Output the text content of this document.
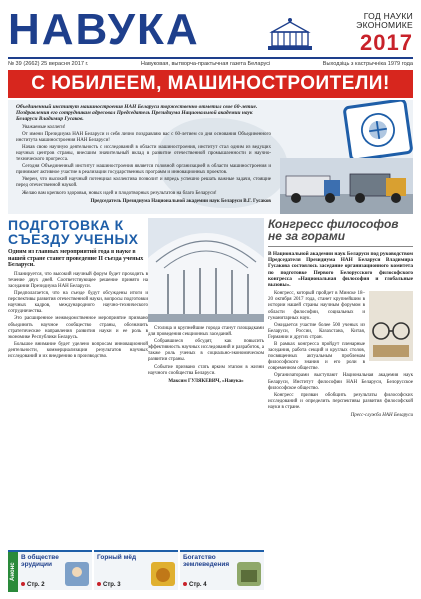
НАВУКА	ГОД НАУКИ ЭКОНОМИКЕ
2017
№ 39 (2662) 25 верасня 2017 г.	Навуковая, вытворча-практычная газета Беларусі	Выходзіць з кастрычніка 1979 года
С ЮБИЛЕЕМ, МАШИНОСТРОИТЕЛИ!
Объединенный институт машиностроения НАН Беларуси торжественно отметил свое 60-летие. Поздравления его сотрудникам адресовал Председатель Президиума Национальной академии наук Беларуси Владимир Гусаков.

Уважаемые коллеги!

От имени Президиума НАН Беларуси и себя лично поздравляю вас с 60-летием со дня основания Объединенного института машиностроения НАН Беларуси!

Начав свою научную деятельность с исследований в области машиностроения, институт стал одним из ведущих научных центров страны, внесшим значительный вклад в развитие отечественной промышленности и научно-технического прогресса.

Сегодня Объединенный институт машиностроения является головной организацией в области машиностроения и принимает активное участие в реализации государственных программ и инновационных проектов.

Уверен, что высокий научный потенциал коллектива позволит и впредь успешно решать важные задачи, стоящие перед отечественной наукой.

Желаю вам крепкого здоровья, новых идей и плодотворных результатов на благо Беларуси!

Председатель Президиума Национальной академии наук Беларуси В.Г. Гусаков
ПОДГОТОВКА К СЪЕЗДУ УЧЕНЫХ
Одним из главных мероприятий года в науке в нашей стране станет проведение II съезда ученых Беларуси.

Планируется, что высокий научный форум будет проходить в течение двух дней. Соответствующее решение принято на заседании Президиума НАН Беларуси.

Предполагается, что на съезде будут обсуждены итоги и перспективы развития отечественной науки, вопросы подготовки научных кадров, международного научно-технического сотрудничества.

Это расширенное межведомственное мероприятие призвано объединить научное сообщество страны, обозначить стратегические направления развития науки и ее роль в экономике Республики Беларусь.

Большое внимание будет уделено вопросам инновационной деятельности, коммерциализации результатов научных исследований и их внедрению в производство.

Столица и крупнейшие города станут площадками для проведения секционных заседаний.

Собравшиеся обсудят, как повысить эффективность научных исследований и разработок, а также роль ученых в социально-экономическом развитии страны.

Событие призвано стать ярким этапом в жизни научного сообщества Беларуси.

Максим ГУЛЯКЕВИЧ, «Навука»
Конгресс философов не за горами
В Национальной академии наук Беларуси под руководством Председателя Президиума НАН Беларуси Владимира Гусакова состоялось заседание организационного комитета по подготовке Первого Белорусского философского конгресса «Национальная философия и глобальные вызовы».

Конгресс, который пройдет в Минске 18–20 октября 2017 года, станет крупнейшим в истории нашей страны научным форумом в области философии, социальных и гуманитарных наук.

Ожидается участие более 500 ученых из Беларуси, России, Казахстана, Китая, Германии и других стран.

В рамках конгресса пройдут пленарные заседания, работа секций и круглых столов, посвященных актуальным проблемам философского знания и его роли в современном обществе.

Организаторами выступают Национальная академия наук Беларуси, Институт философии НАН Беларуси, Белорусское философское общество.

Конгресс призван обобщить результаты философских исследований и определить перспективы развития философской науки в стране.

Пресс-служба НАН Беларуси
Анонс
В обществе эрудиции
Стр. 2
Горный мёд
Стр. 3
Богатство землеведения
Стр. 4
